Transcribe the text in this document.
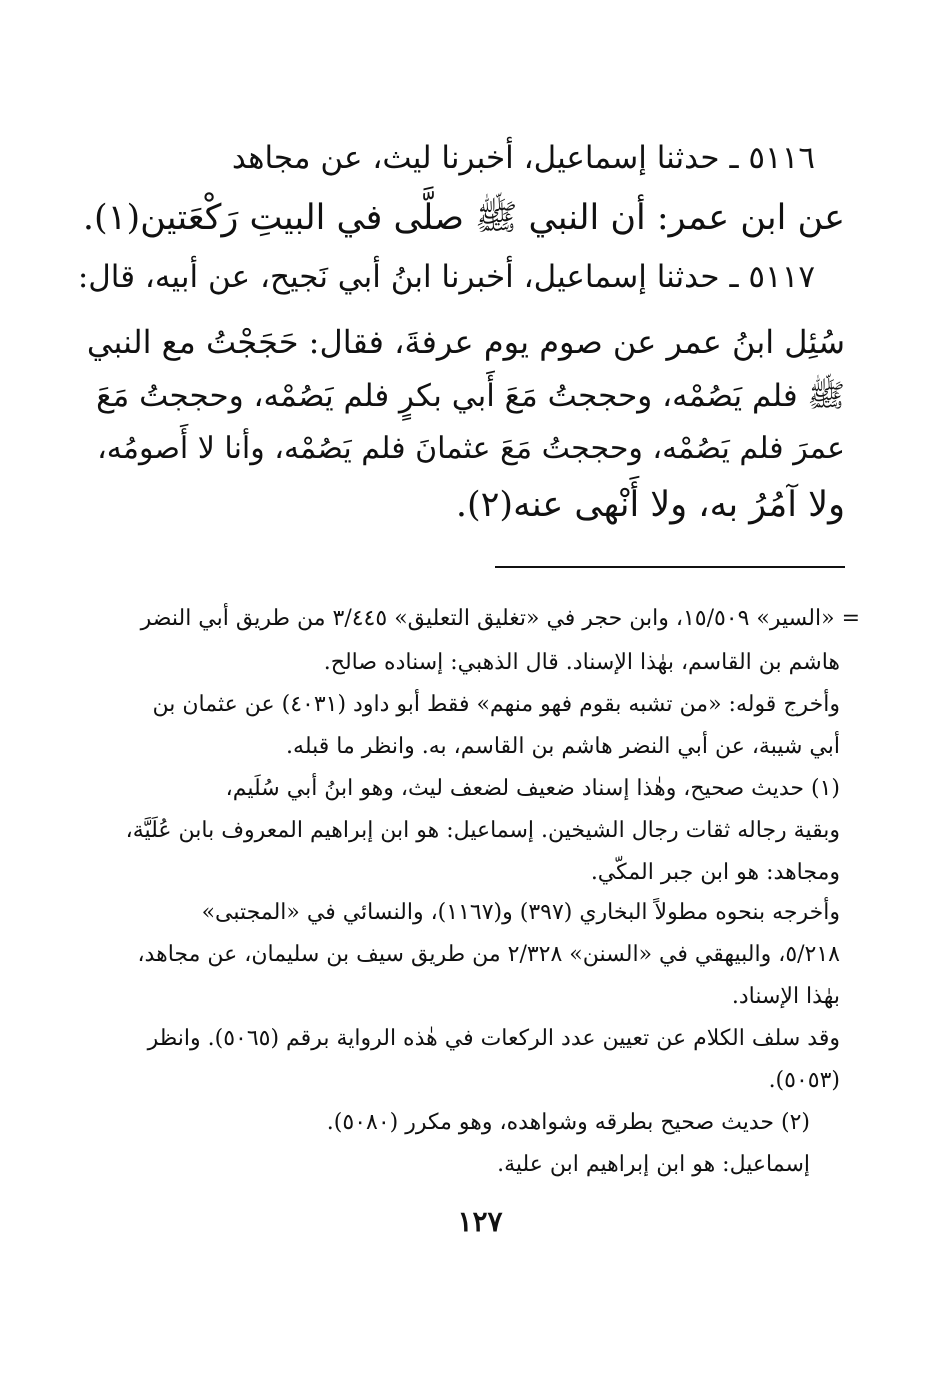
٥١١٦ ـ حدثنا إسماعيل، أخبرنا ليث، عن مجاهد
عن ابن عمر: أن النبي ﷺ صلَّى في البيتِ رَكْعَتين(١).
٥١١٧ ـ حدثنا إسماعيل، أخبرنا ابنُ أبي نَجيح، عن أبيه، قال:
سُئِل ابنُ عمر عن صوم يوم عرفةَ، فقال: حَجَجْتُ مع النبي
ﷺ فلم يَصُمْه، وحججتُ مَعَ أَبي بكرٍ فلم يَصُمْه، وحججتُ مَعَ
عمرَ فلم يَصُمْه، وحججتُ مَعَ عثمانَ فلم يَصُمْه، وأنا لا أَصومُه،
ولا آمُرُ به، ولا أَنْهى عنه(٢).
= «السير» ١٥/٥٠٩، وابن حجر في «تغليق التعليق» ٣/٤٤٥ من طريق أبي النضر
هاشم بن القاسم، بهٰذا الإسناد. قال الذهبي: إسناده صالح.
وأخرج قوله: «من تشبه بقوم فهو منهم» فقط أبو داود (٤٠٣١) عن عثمان بن
أبي شيبة، عن أبي النضر هاشم بن القاسم، به. وانظر ما قبله.
(١) حديث صحيح، وهٰذا إسناد ضعيف لضعف ليث، وهو ابنُ أبي سُلَيم،
وبقية رجاله ثقات رجال الشيخين. إسماعيل: هو ابن إبراهيم المعروف بابن عُلَيَّة،
ومجاهد: هو ابن جبر المكّي.
وأخرجه بنحوه مطولاً البخاري (٣٩٧) و(١١٦٧)، والنسائي في «المجتبى»
٥/٢١٨، والبيهقي في «السنن» ٢/٣٢٨ من طريق سيف بن سليمان، عن مجاهد،
بهٰذا الإسناد.
وقد سلف الكلام عن تعيين عدد الركعات في هٰذه الرواية برقم (٥٠٦٥). وانظر
(٥٠٥٣).
(٢) حديث صحيح بطرقه وشواهده، وهو مكرر (٥٠٨٠).
إسماعيل: هو ابن إبراهيم ابن علية.
١٢٧
